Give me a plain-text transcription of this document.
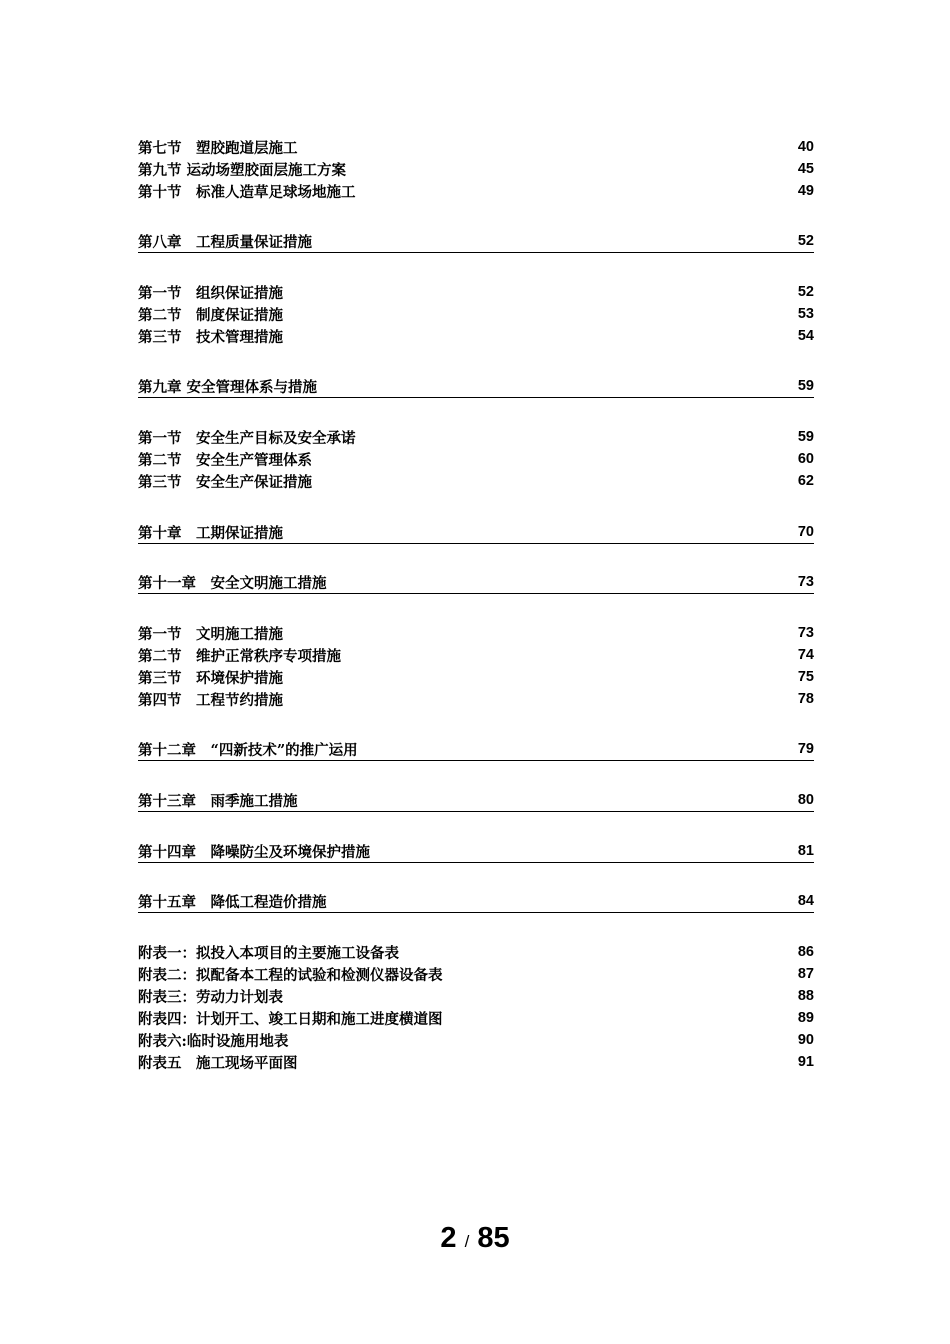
第七节　塑胶跑道层施工	40
第九节 运动场塑胶面层施工方案	45
第十节　标准人造草足球场地施工	49
第八章　工程质量保证措施	52
第一节　组织保证措施	52
第二节　制度保证措施	53
第三节　技术管理措施	54
第九章 安全管理体系与措施	59
第一节　安全生产目标及安全承诺	59
第二节　安全生产管理体系	60
第三节　安全生产保证措施	62
第十章　工期保证措施	70
第十一章　安全文明施工措施	73
第一节　文明施工措施	73
第二节　维护正常秩序专项措施	74
第三节　环境保护措施	75
第四节　工程节约措施	78
第十二章　“四新技术”的推广运用	79
第十三章　雨季施工措施	80
第十四章　降噪防尘及环境保护措施	81
第十五章　降低工程造价措施	84
附表一：拟投入本项目的主要施工设备表	86
附表二：拟配备本工程的试验和检测仪器设备表	87
附表三：劳动力计划表	88
附表四：计划开工、竣工日期和施工进度横道图	89
附表六:临时设施用地表	90
附表五　施工现场平面图	91
2 / 85
